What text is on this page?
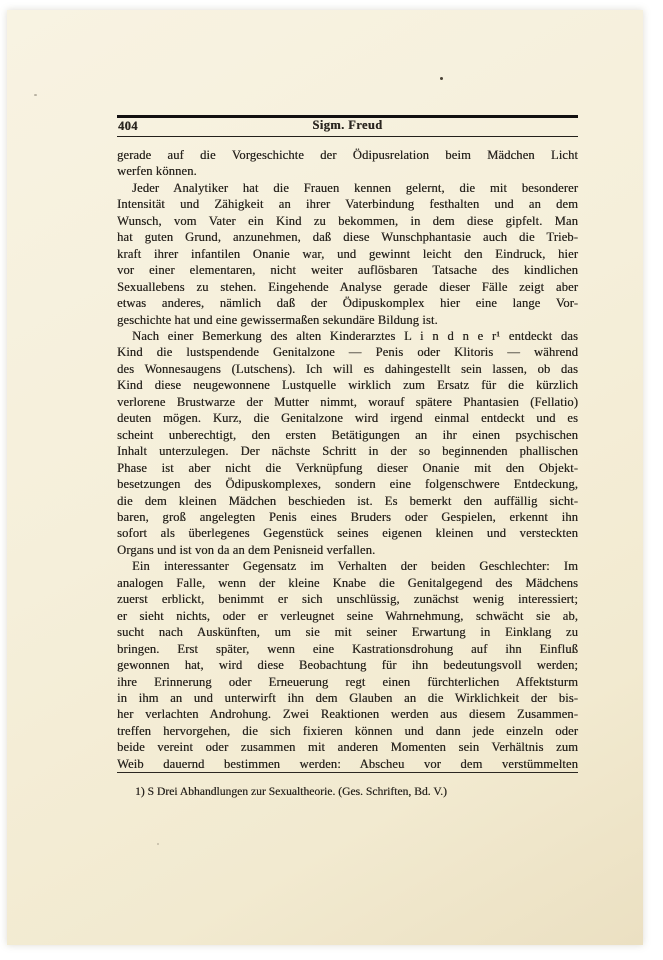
404	Sigm. Freud
gerade auf die Vorgeschichte der Ödipusrelation beim Mädchen Licht
werfen können.
Jeder Analytiker hat die Frauen kennen gelernt, die mit besonderer
Intensität und Zähigkeit an ihrer Vaterbindung festhalten und an dem
Wunsch, vom Vater ein Kind zu bekommen, in dem diese gipfelt. Man
hat guten Grund, anzunehmen, daß diese Wunschphantasie auch die Trieb-
kraft ihrer infantilen Onanie war, und gewinnt leicht den Eindruck, hier
vor einer elementaren, nicht weiter auflösbaren Tatsache des kindlichen
Sexuallebens zu stehen. Eingehende Analyse gerade dieser Fälle zeigt aber
etwas anderes, nämlich daß der Ödipuskomplex hier eine lange Vor-
geschichte hat und eine gewissermaßen sekundäre Bildung ist.
Nach einer Bemerkung des alten Kinderarztes L i n d n e r¹ entdeckt das
Kind die lustspendende Genitalzone — Penis oder Klitoris — während
des Wonnesaugens (Lutschens). Ich will es dahingestellt sein lassen, ob das
Kind diese neugewonnene Lustquelle wirklich zum Ersatz für die kürzlich
verlorene Brustwarze der Mutter nimmt, worauf spätere Phantasien (Fellatio)
deuten mögen. Kurz, die Genitalzone wird irgend einmal entdeckt und es
scheint unberechtigt, den ersten Betätigungen an ihr einen psychischen
Inhalt unterzulegen. Der nächste Schritt in der so beginnenden phallischen
Phase ist aber nicht die Verknüpfung dieser Onanie mit den Objekt-
besetzungen des Ödipuskomplexes, sondern eine folgenschwere Entdeckung,
die dem kleinen Mädchen beschieden ist. Es bemerkt den auffällig sicht-
baren, groß angelegten Penis eines Bruders oder Gespielen, erkennt ihn
sofort als überlegenes Gegenstück seines eigenen kleinen und versteckten
Organs und ist von da an dem Penisneid verfallen.
Ein interessanter Gegensatz im Verhalten der beiden Geschlechter: Im
analogen Falle, wenn der kleine Knabe die Genitalgegend des Mädchens
zuerst erblickt, benimmt er sich unschlüssig, zunächst wenig interessiert;
er sieht nichts, oder er verleugnet seine Wahrnehmung, schwächt sie ab,
sucht nach Auskünften, um sie mit seiner Erwartung in Einklang zu
bringen. Erst später, wenn eine Kastrationsdrohung auf ihn Einfluß
gewonnen hat, wird diese Beobachtung für ihn bedeutungsvoll werden;
ihre Erinnerung oder Erneuerung regt einen fürchterlichen Affektsturm
in ihm an und unterwirft ihn dem Glauben an die Wirklichkeit der bis-
her verlachten Androhung. Zwei Reaktionen werden aus diesem Zusammen-
treffen hervorgehen, die sich fixieren können und dann jede einzeln oder
beide vereint oder zusammen mit anderen Momenten sein Verhältnis zum
Weib dauernd bestimmen werden: Abscheu vor dem verstümmelten
1) S Drei Abhandlungen zur Sexualtheorie. (Ges. Schriften, Bd. V.)
